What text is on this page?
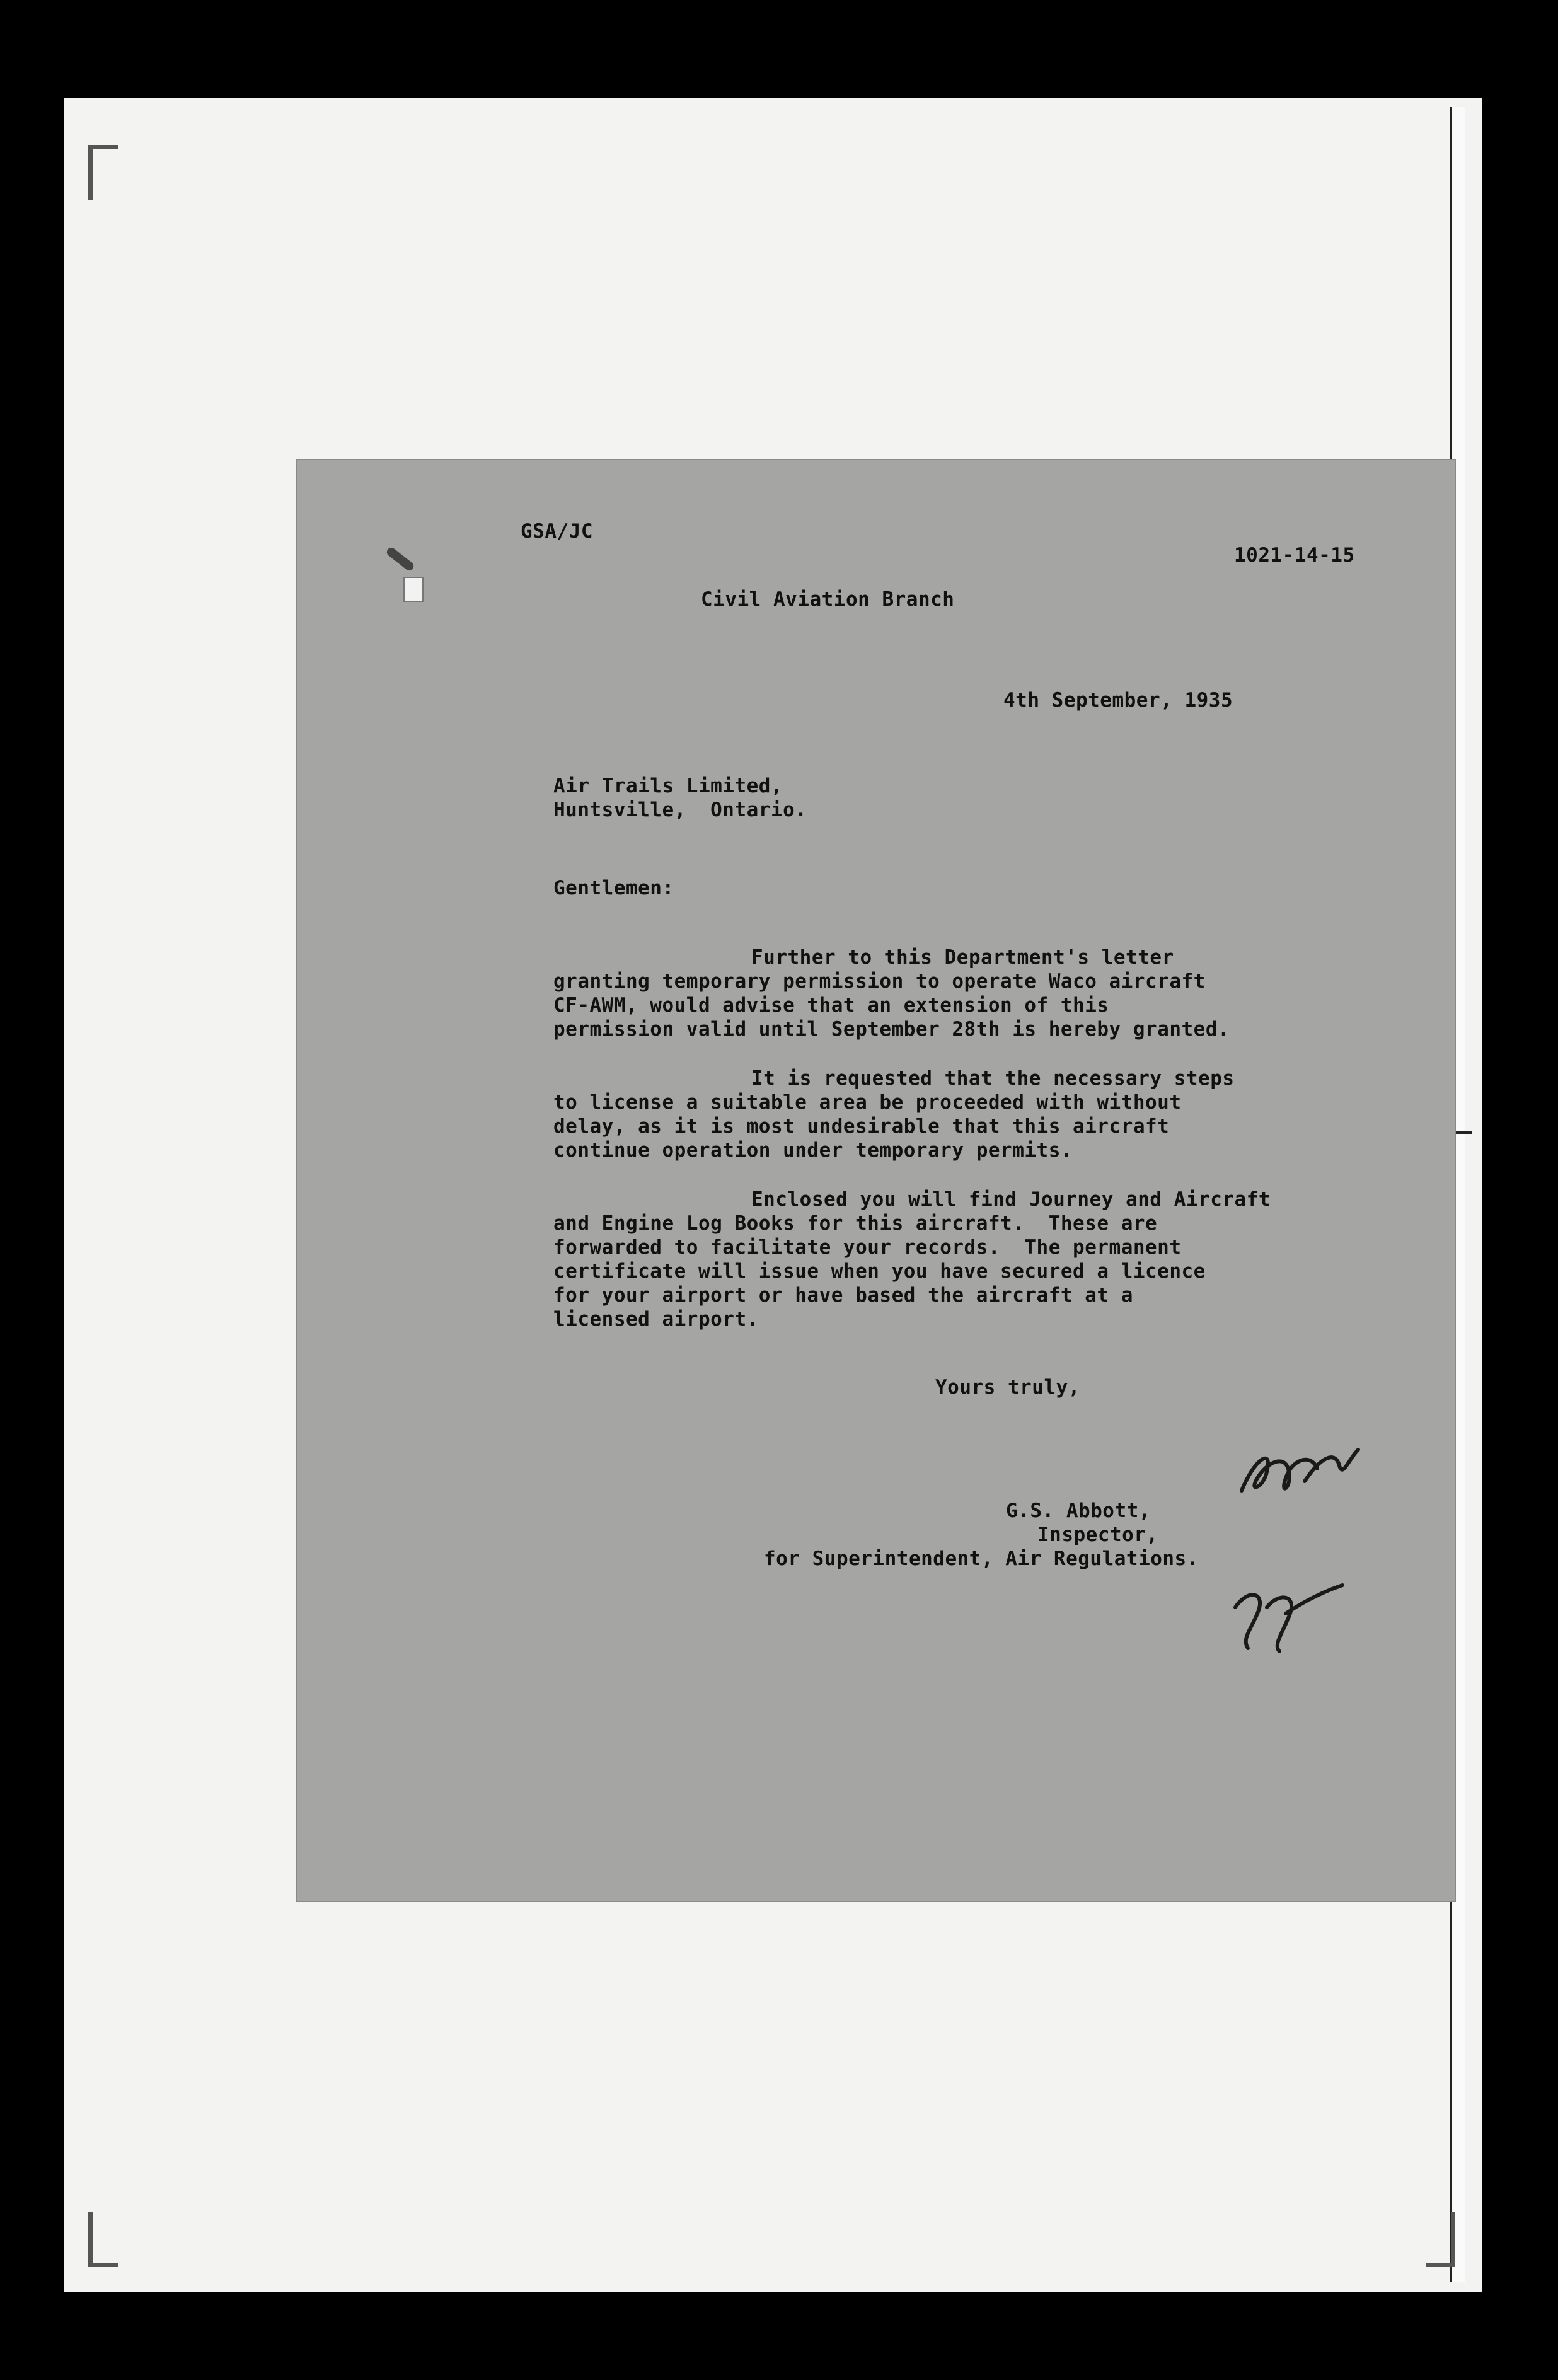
GSA/JC
1021-14-15
Civil Aviation Branch
4th September, 1935
Air Trails Limited,
Huntsville,  Ontario.
Gentlemen:
Further to this Department's letter
granting temporary permission to operate Waco aircraft
CF-AWM, would advise that an extension of this
permission valid until September 28th is hereby granted.
It is requested that the necessary steps
to license a suitable area be proceeded with without
delay, as it is most undesirable that this aircraft
continue operation under temporary permits.
Enclosed you will find Journey and Aircraft
and Engine Log Books for this aircraft.  These are
forwarded to facilitate your records.  The permanent
certificate will issue when you have secured a licence
for your airport or have based the aircraft at a
licensed airport.
Yours truly,
G.S. Abbott,
Inspector,
for Superintendent, Air Regulations.
